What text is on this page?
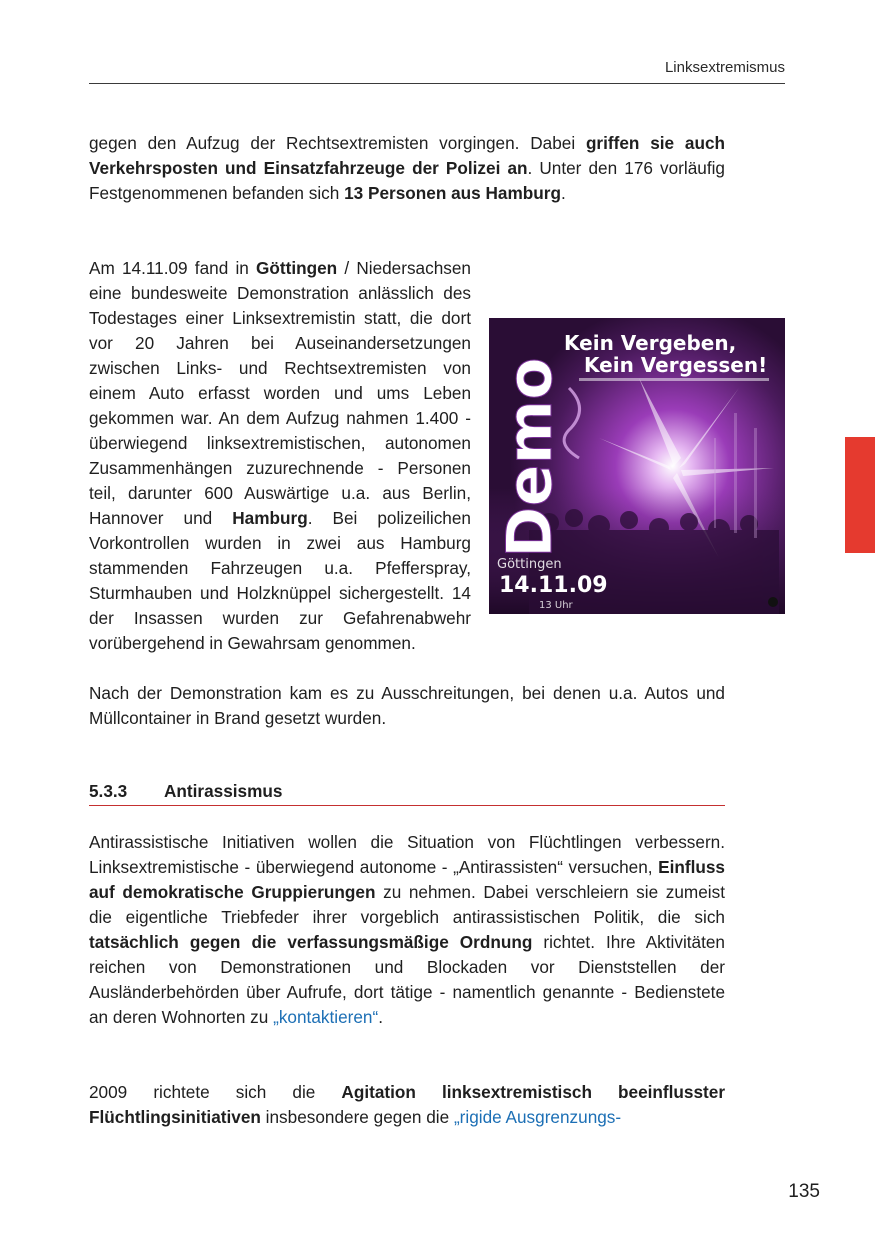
Linksextremismus

gegen den Aufzug der Rechtsextremisten vorgingen. Dabei griffen sie auch Verkehrsposten und Einsatzfahrzeuge der Polizei an. Unter den 176 vorläufig Festgenommenen befanden sich 13 Personen aus Hamburg.

Am 14.11.09 fand in Göttingen / Niedersachsen eine bundesweite Demonstration anlässlich des Todestages einer Linksextremistin statt, die dort vor 20 Jahren bei Auseinandersetzungen zwischen Links- und Rechtsextremisten von einem Auto erfasst worden und ums Leben gekommen war. An dem Aufzug nahmen 1.400 - überwiegend linksextremistischen, autonomen Zusammenhängen zuzurechnende - Personen teil, darunter 600 Auswärtige u.a. aus Berlin, Hannover und Hamburg. Bei polizeilichen Vorkontrollen wurden in zwei aus Hamburg stammenden Fahrzeugen u.a. Pfefferspray, Sturmhauben und Holzknüppel sichergestellt. 14 der Insassen wurden zur Gefahrenabwehr vorübergehend in Gewahrsam genommen.

Kein Vergeben,
Kein Vergessen!
Demo
Göttingen
14.11.09
13 Uhr

Nach der Demonstration kam es zu Ausschreitungen, bei denen u.a. Autos und Müllcontainer in Brand gesetzt wurden.

5.3.3 Antirassismus

Antirassistische Initiativen wollen die Situation von Flüchtlingen verbessern. Linksextremistische - überwiegend autonome - „Antirassisten“ versuchen, Einfluss auf demokratische Gruppierungen zu nehmen. Dabei verschleiern sie zumeist die eigentliche Triebfeder ihrer vorgeblich antirassistischen Politik, die sich tatsächlich gegen die verfassungsmäßige Ordnung richtet. Ihre Aktivitäten reichen von Demonstrationen und Blockaden vor Dienststellen der Ausländerbehörden über Aufrufe, dort tätige - namentlich genannte - Bedienstete an deren Wohnorten zu „kontaktieren“.

2009 richtete sich die Agitation linksextremistisch beeinflusster Flüchtlingsinitiativen insbesondere gegen die „rigide Ausgrenzungs-

135
